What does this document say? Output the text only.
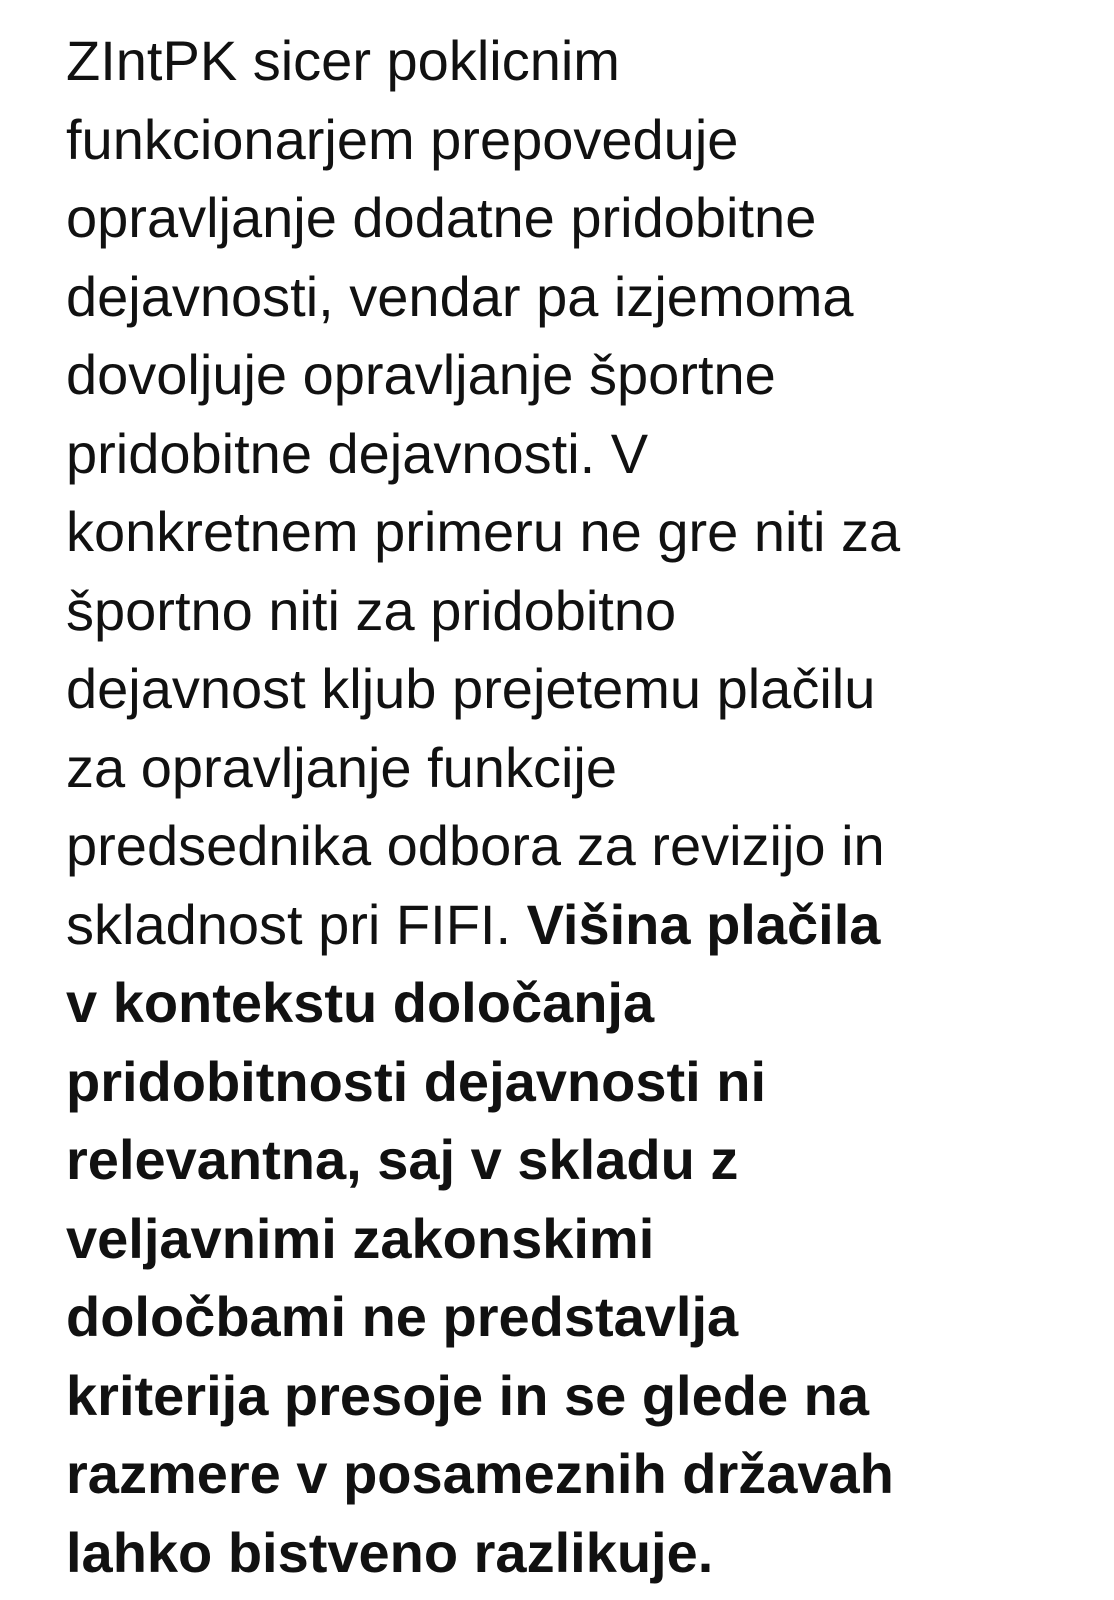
ZIntPK sicer poklicnim
funkcionarjem prepoveduje
opravljanje dodatne pridobitne
dejavnosti, vendar pa izjemoma
dovoljuje opravljanje športne
pridobitne dejavnosti. V
konkretnem primeru ne gre niti za
športno niti za pridobitno
dejavnost kljub prejetemu plačilu
za opravljanje funkcije
predsednika odbora za revizijo in
skladnost pri FIFI. Višina plačila
v kontekstu določanja
pridobitnosti dejavnosti ni
relevantna, saj v skladu z
veljavnimi zakonskimi
določbami ne predstavlja
kriterija presoje in se glede na
razmere v posameznih državah
lahko bistveno razlikuje.
